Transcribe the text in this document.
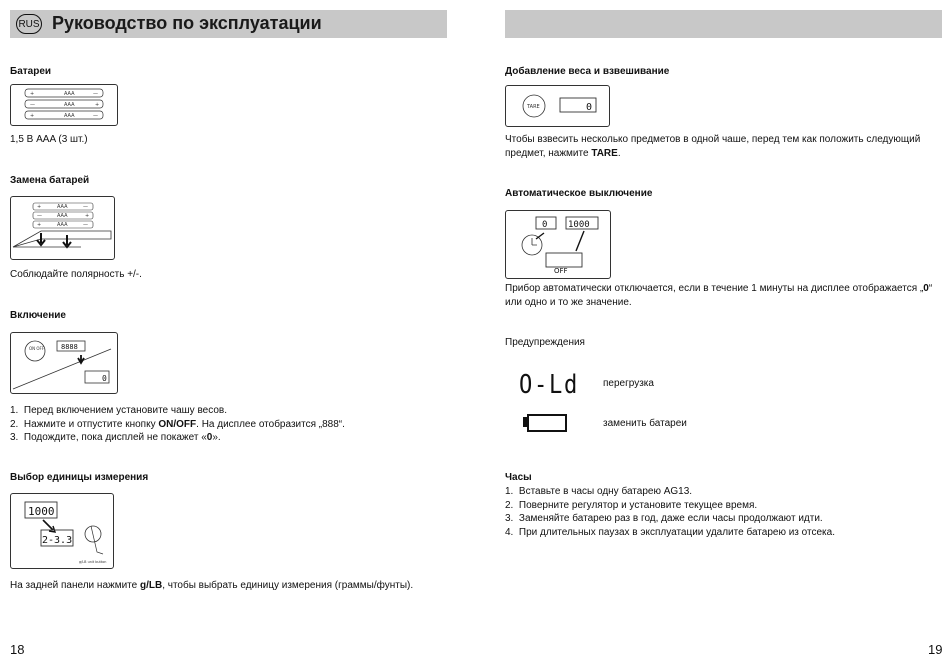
RUS Руководство по эксплуатации
Батареи
+	AAA	—
—	AAA	+
+	AAA	—
1,5 В AAA (3 шт.)
Замена батарей
+	AAA	—
—	AAA	+
+	AAA	—
Соблюдайте полярность +/-.
Включение
ON OFF 8888
0
1. Перед включением установите чашу весов.
2. Нажмите и отпустите кнопку ON/OFF. На дисплее отобразится „888“.
3. Подождите, пока дисплей не покажет «0».
Выбор единицы измерения
1000
2-3.3
g/LB unit button
На задней панели нажмите g/LB, чтобы выбрать единицу измерения (граммы/фунты).
18
Добавление веса и взвешивание
TARE	0
Чтобы взвесить несколько предметов в одной чаше, перед тем как положить следующий предмет, нажмите TARE.
Автоматическое выключение
0 1000
OFF
Прибор автоматически отключается, если в течение 1 минуты на дисплее отображается „0“ или одно и то же значение.
Предупреждения
O-Ld перегрузка
заменить батареи
Часы
1. Вставьте в часы одну батарею AG13.
2. Поверните регулятор и установите текущее время.
3. Заменяйте батарею раз в год, даже если часы продолжают идти.
4. При длительных паузах в эксплуатации удалите батарею из отсека.
19
